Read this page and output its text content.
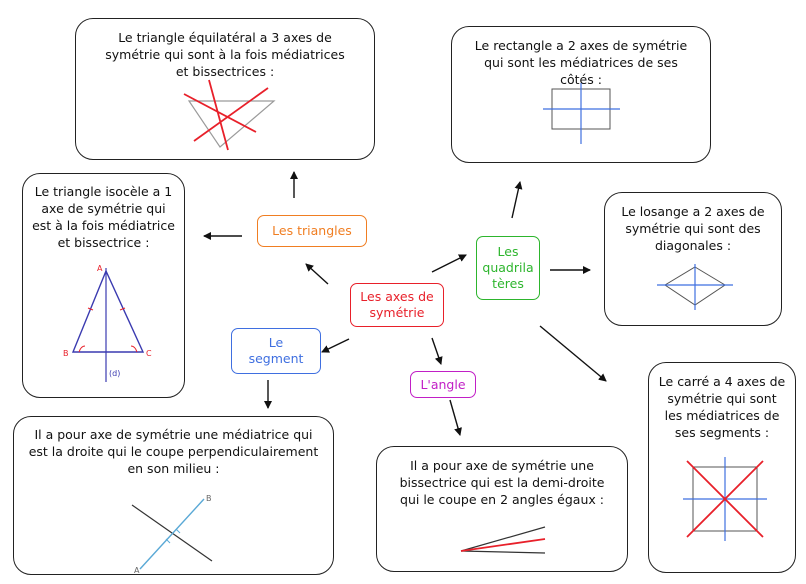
Les axes de symétrie
Les triangles
Les quadrila tères
Le segment
L'angle
Le triangle équilatéral a 3 axes de symétrie qui sont à la fois médiatrices et bissectrices :
Le triangle isocèle a 1 axe de symétrie qui est à la fois médiatrice et bissectrice :
A
B	C
(d)
Le rectangle a 2 axes de symétrie qui sont les médiatrices de ses côtés :
Le losange a 2 axes de symétrie qui sont des diagonales :
Le carré a 4 axes de symétrie qui sont les médiatrices de ses segments :
Il a pour axe de symétrie une médiatrice qui est la droite qui le coupe perpendiculairement en son milieu :
A
B
Il a pour axe de symétrie une bissectrice qui est la demi-droite qui le coupe en 2 angles égaux :
